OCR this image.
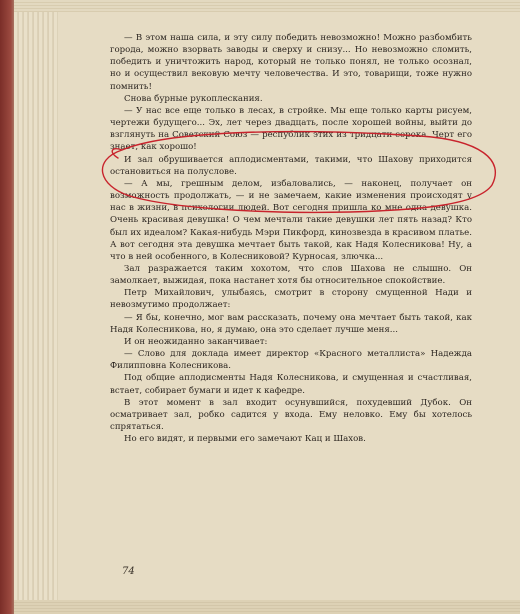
— В этом наша сила, и эту силу победить невозможно! Можно разбомбить города, можно взорвать заводы и сверху и снизу... Но невозможно сломить, победить и уничтожить народ, который не только понял, не только осознал, но и осуществил вековую мечту человечества. И это, товарищи, тоже нужно помнить!

Снова бурные рукоплескания.

— У нас все еще только в лесах, в стройке. Мы еще только карты рисуем, чертежи будущего... Эх, лет через двадцать, после хорошей войны, выйти до взглянуть на Советский Союз — республик этих из тридцати-сорока. Черт его знает, как хорошо!

И зал обрушивается аплодисментами, такими, что Шахову приходится остановиться на полуслове.

— А мы, грешным делом, избаловались, — наконец, получает он возможность продолжать, — и не замечаем, какие изменения происходят у нас в жизни, в психологии людей. Вот сегодня пришла ко мне одна девушка. Очень красивая девушка! О чем мечтали такие девушки лет пять назад? Кто был их идеалом? Какая-нибудь Мэри Пикфорд, кинозвезда в красивом платье. А вот сегодня эта девушка мечтает быть такой, как Надя Колесникова! Ну, а что в ней особенного, в Колесниковой? Курносая, злючка...

Зал разражается таким хохотом, что слов Шахова не слышно. Он замолкает, выжидая, пока настанет хотя бы относительное спокойствие.

Петр Михайлович, улыбаясь, смотрит в сторону смущенной Нади и невозмутимо продолжает:

— Я бы, конечно, мог вам рассказать, почему она мечтает быть такой, как Надя Колесникова, но, я думаю, она это сделает лучше меня...

И он неожиданно заканчивает:

— Слово для доклада имеет директор «Красного металлиста» Надежда Филипповна Колесникова.

Под общие аплодисменты Надя Колесникова, и смущенная и счастливая, встает, собирает бумаги и идет к кафедре.

В этот момент в зал входит осунувшийся, похудевший Дубок. Он осматривает зал, робко садится у входа. Ему неловко. Ему бы хотелось спрятаться.

Но его видят, и первыми его замечают Кац и Шахов.

74
